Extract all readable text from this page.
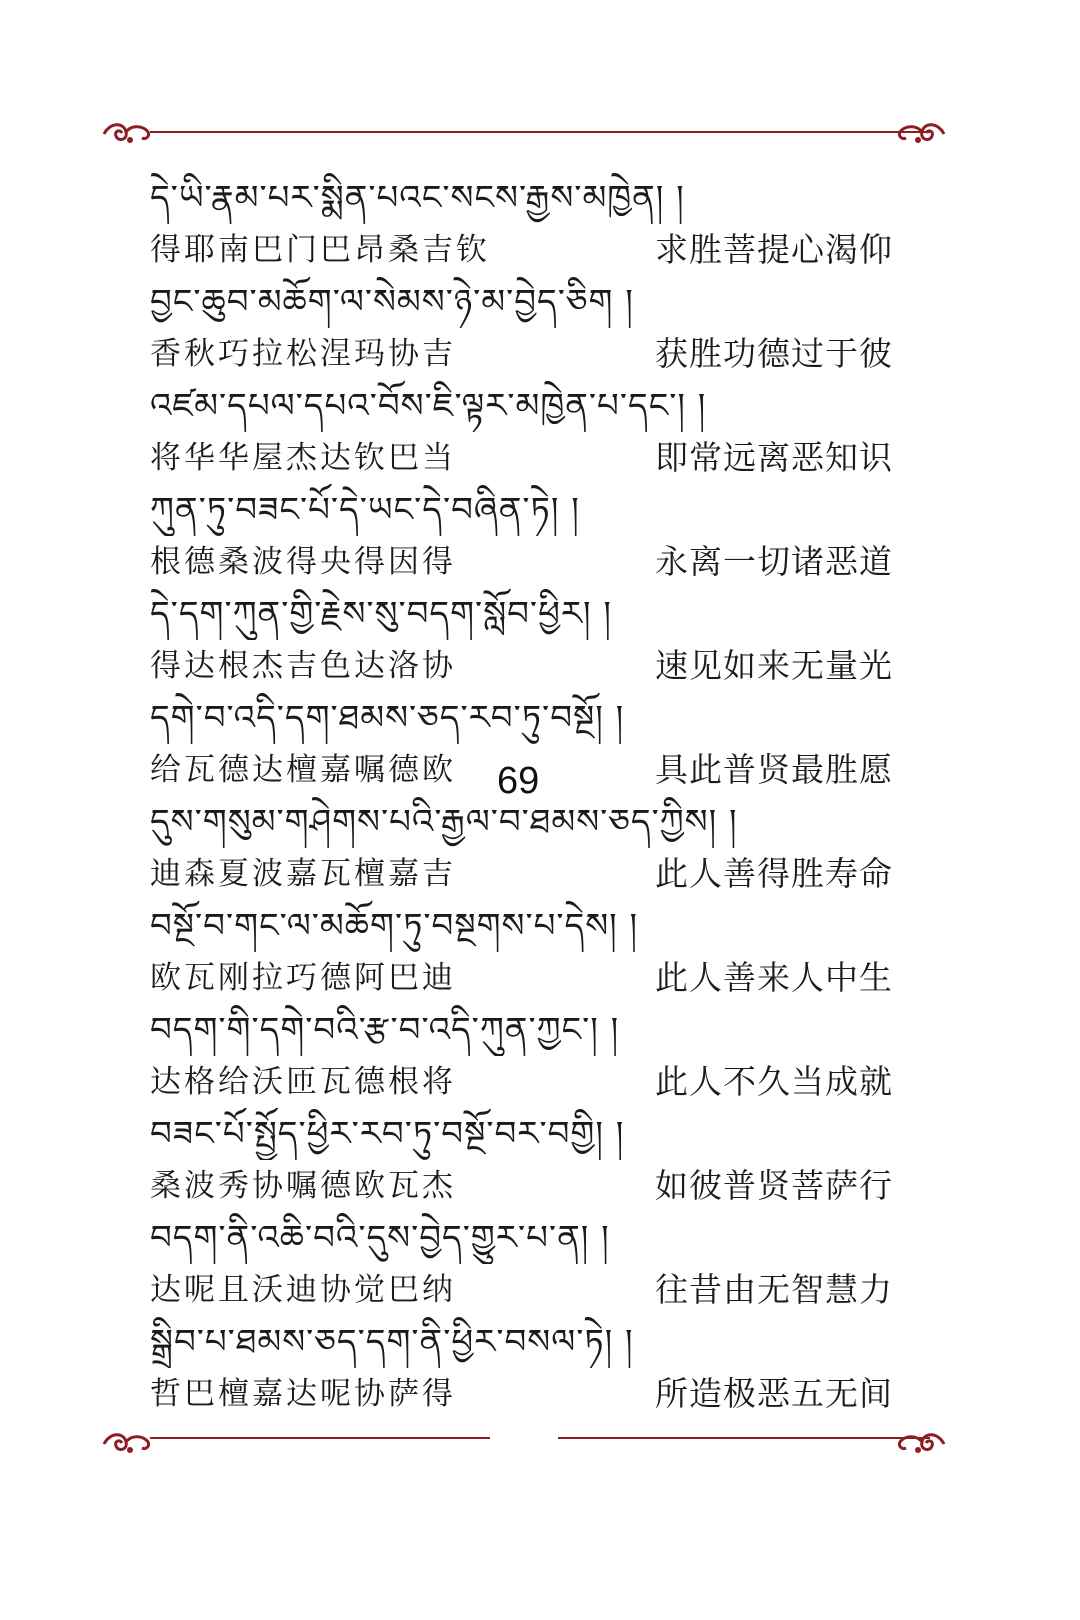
དེ་ཡི་རྣམ་པར་སྨིན་པའང་སངས་རྒྱས་མཁྱེན། །
得耶南巴门巴昂桑吉钦	求胜菩提心渴仰
བྱང་ཆུབ་མཆོག་ལ་སེམས་ཉེ་མ་བྱེད་ཅིག །
香秋巧拉松涅玛协吉	获胜功德过于彼
འཛམ་དཔལ་དཔའ་བོས་ཇི་ལྟར་མཁྱེན་པ་དང་། །
将华华屋杰达钦巴当	即常远离恶知识
ཀུན་ཏུ་བཟང་པོ་དེ་ཡང་དེ་བཞིན་ཏེ། །
根德桑波得央得因得	永离一切诸恶道
དེ་དག་ཀུན་གྱི་རྗེས་སུ་བདག་སློབ་ཕྱིར། །
得达根杰吉色达洛协	速见如来无量光
དགེ་བ་འདི་དག་ཐམས་ཅད་རབ་ཏུ་བསྔོ། །
给瓦德达檀嘉嘱德欧	具此普贤最胜愿
དུས་གསུམ་གཤེགས་པའི་རྒྱལ་བ་ཐམས་ཅད་ཀྱིས། །
迪森夏波嘉瓦檀嘉吉	此人善得胜寿命
བསྔོ་བ་གང་ལ་མཆོག་ཏུ་བསྔགས་པ་དེས། །
欧瓦刚拉巧德阿巴迪	此人善来人中生
བདག་གི་དགེ་བའི་རྩ་བ་འདི་ཀུན་ཀྱང་། །
达格给沃匝瓦德根将	此人不久当成就
བཟང་པོ་སྤྱོད་ཕྱིར་རབ་ཏུ་བསྔོ་བར་བགྱི། །
桑波秀协嘱德欧瓦杰	如彼普贤菩萨行
བདག་ནི་འཆི་བའི་དུས་བྱེད་གྱུར་པ་ན། །
达呢且沃迪协觉巴纳	往昔由无智慧力
སྒྲིབ་པ་ཐམས་ཅད་དག་ནི་ཕྱིར་བསལ་ཏེ། །
哲巴檀嘉达呢协萨得	所造极恶五无间
69
